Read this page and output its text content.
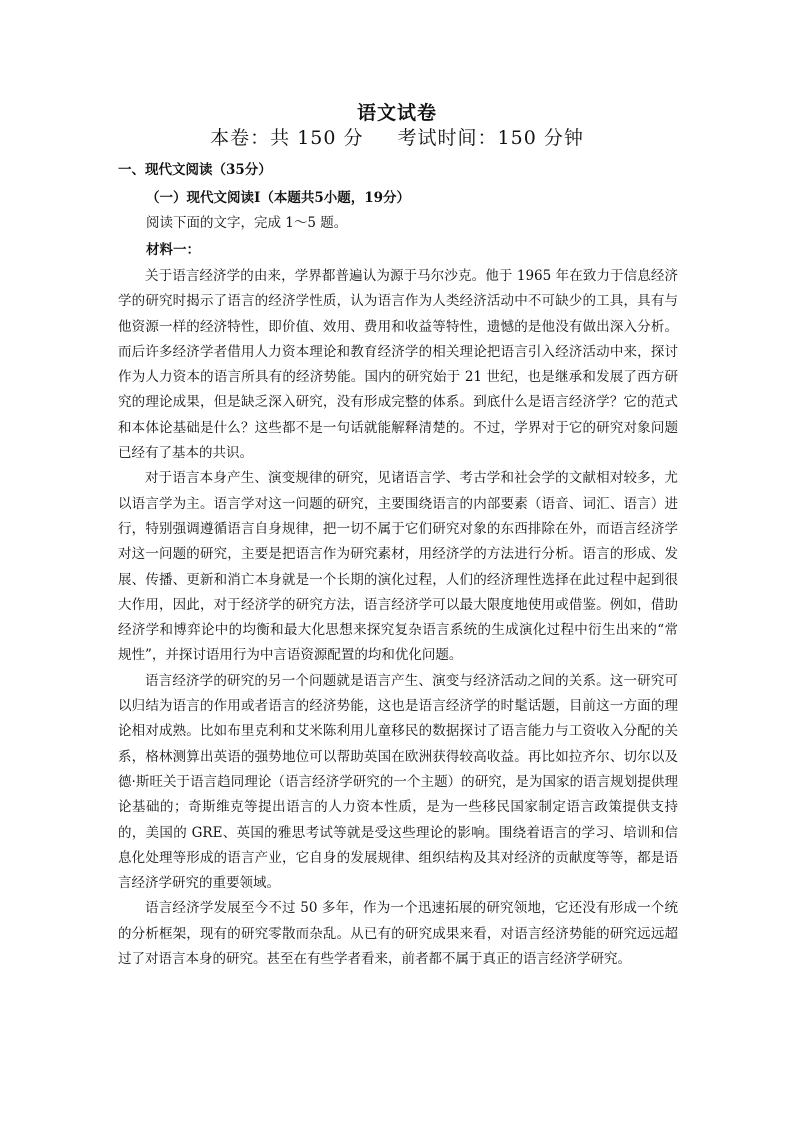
语文试卷
本卷：共 150 分 考试时间：150 分钟
一、现代文阅读（35分）
（一）现代文阅读Ⅰ（本题共5小题，19分）
阅读下面的文字，完成 1～5 题。
材料一：

关于语言经济学的由来，学界都普遍认为源于马尔沙克。他于 1965 年在致力于信息经济学的研究时揭示了语言的经济学性质，认为语言作为人类经济活动中不可缺少的工具，具有与他资源一样的经济特性，即价值、效用、费用和收益等特性，遗憾的是他没有做出深入分析。而后许多经济学者借用人力资本理论和教育经济学的相关理论把语言引入经济活动中来，探讨作为人力资本的语言所具有的经济势能。国内的研究始于 21 世纪，也是继承和发展了西方研究的理论成果，但是缺乏深入研究，没有形成完整的体系。到底什么是语言经济学？它的范式和本体论基础是什么？这些都不是一句话就能解释清楚的。不过，学界对于它的研究对象问题已经有了基本的共识。

对于语言本身产生、演变规律的研究，见诸语言学、考古学和社会学的文献相对较多，尤以语言学为主。语言学对这一问题的研究，主要围绕语言的内部要素（语音、词汇、语言）进行，特别强调遵循语言自身规律，把一切不属于它们研究对象的东西排除在外，而语言经济学对这一问题的研究，主要是把语言作为研究素材，用经济学的方法进行分析。语言的形成、发展、传播、更新和消亡本身就是一个长期的演化过程，人们的经济理性选择在此过程中起到很大作用，因此，对于经济学的研究方法，语言经济学可以最大限度地使用或借鉴。例如，借助经济学和博弈论中的均衡和最大化思想来探究复杂语言系统的生成演化过程中衍生出来的“常规性”，并探讨语用行为中言语资源配置的均和优化问题。

语言经济学的研究的另一个问题就是语言产生、演变与经济活动之间的关系。这一研究可以归结为语言的作用或者语言的经济势能，这也是语言经济学的时髦话题，目前这一方面的理论相对成熟。比如布里克利和艾米陈利用儿童移民的数据探讨了语言能力与工资收入分配的关系，格林测算出英语的强势地位可以帮助英国在欧洲获得较高收益。再比如拉齐尔、切尔以及德·斯旺关于语言趋同理论（语言经济学研究的一个主题）的研究，是为国家的语言规划提供理论基础的；奇斯维克等提出语言的人力资本性质，是为一些移民国家制定语言政策提供支持的，美国的 GRE、英国的雅思考试等就是受这些理论的影响。围绕着语言的学习、培训和信息化处理等形成的语言产业，它自身的发展规律、组织结构及其对经济的贡献度等等，都是语言经济学研究的重要领域。

语言经济学发展至今不过 50 多年，作为一个迅速拓展的研究领地，它还没有形成一个统的分析框架，现有的研究零散而杂乱。从已有的研究成果来看，对语言经济势能的研究远远超过了对语言本身的研究。甚至在有些学者看来，前者都不属于真正的语言经济学研究。
